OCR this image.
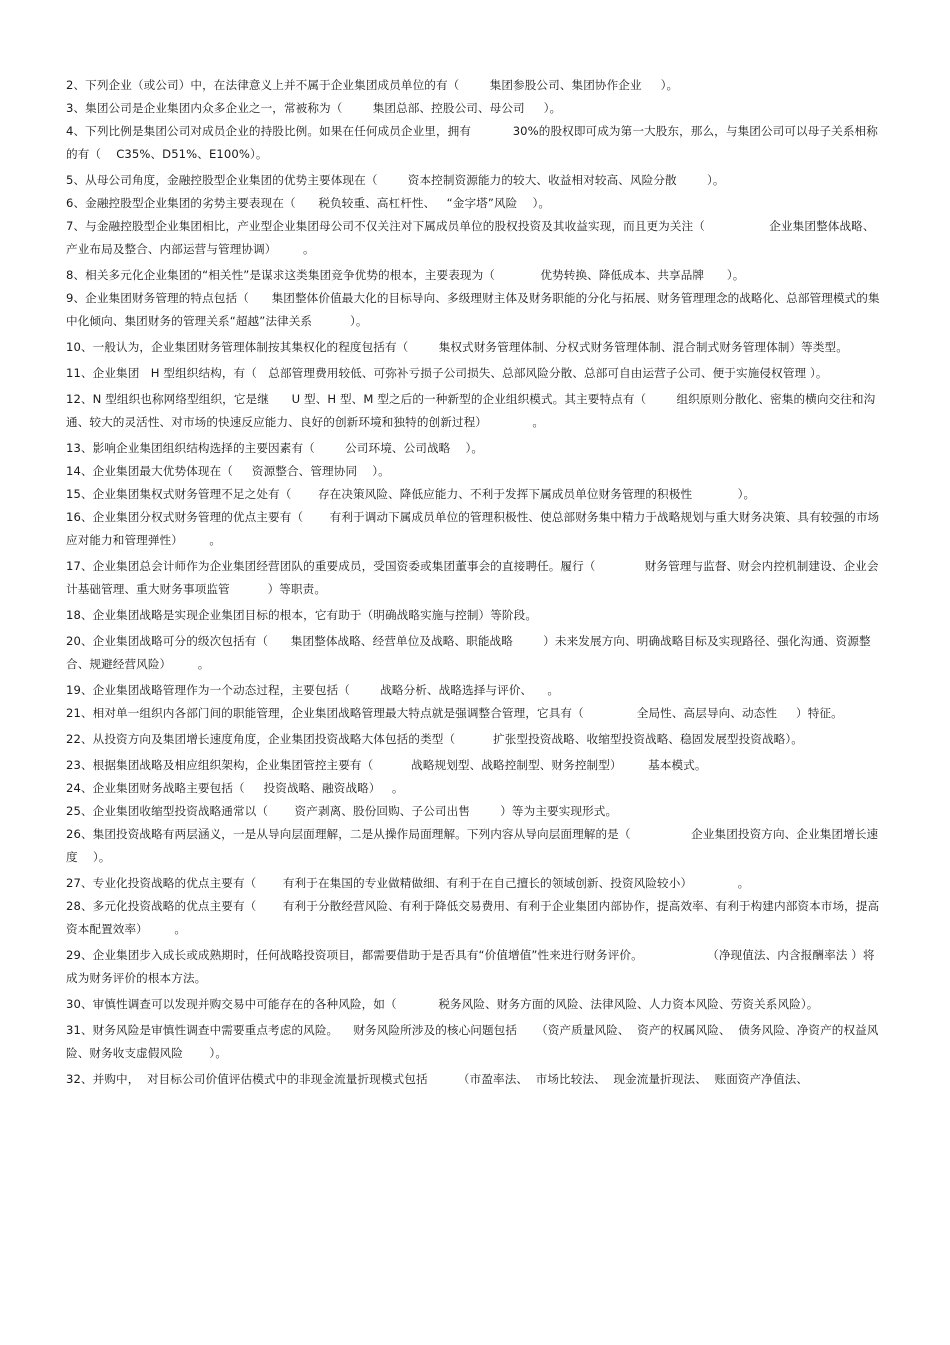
2、下列企业（或公司）中，在法律意义上并不属于企业集团成员单位的有（        集团参股公司、集团协作企业     ）。

3、集团公司是企业集团内众多企业之一，常被称为（        集团总部、控股公司、母公司     ）。

4、下列比例是集团公司对成员企业的持股比例。如果在任何成员企业里，拥有           30%的股权即可成为第一大股东，那么，与集团公司可以母子关系相称的有（    C35%、D51%、E100%）。

5、从母公司角度，金融控股型企业集团的优势主要体现在（        资本控制资源能力的较大、收益相对较高、风险分散        ）。

6、金融控股型企业集团的劣势主要表现在（      税负较重、高杠杆性、   “金字塔”风险    ）。

7、与金融控股型企业集团相比，产业型企业集团母公司不仅关注对下属成员单位的股权投资及其收益实现，而且更为关注（                 企业集团整体战略、产业布局及整合、内部运营与管理协调）       。

8、相关多元化企业集团的“相关性”是谋求这类集团竞争优势的根本，主要表现为（            优势转换、降低成本、共享品牌      ）。

9、企业集团财务管理的特点包括（      集团整体价值最大化的目标导向、多级理财主体及财务职能的分化与拓展、财务管理理念的战略化、总部管理模式的集中化倾向、集团财务的管理关系“超越”法律关系          ）。

10、一般认为，企业集团财务管理体制按其集权化的程度包括有（        集权式财务管理体制、分权式财务管理体制、混合制式财务管理体制）等类型。

11、企业集团   H 型组织结构，有（   总部管理费用较低、可弥补亏损子公司损失、总部风险分散、总部可自由运营子公司、便于实施侵权管理 ）。

12、N 型组织也称网络型组织，它是继      U 型、H 型、M 型之后的一种新型的企业组织模式。其主要特点有（        组织原则分散化、密集的横向交往和沟通、较大的灵活性、对市场的快速反应能力、良好的创新环境和独特的创新过程）            。

13、影响企业集团组织结构选择的主要因素有（        公司环境、公司战略    ）。

14、企业集团最大优势体现在（     资源整合、管理协同    ）。

15、企业集团集权式财务管理不足之处有（       存在决策风险、降低应能力、不利于发挥下属成员单位财务管理的积极性            ）。

16、企业集团分权式财务管理的优点主要有（       有利于调动下属成员单位的管理积极性、使总部财务集中精力于战略规划与重大财务决策、具有较强的市场应对能力和管理弹性）       。

17、企业集团总会计师作为企业集团经营团队的重要成员，受国资委或集团董事会的直接聘任。履行（             财务管理与监督、财会内控机制建设、企业会计基础管理、重大财务事项监管          ）等职责。

18、企业集团战略是实现企业集团目标的根本，它有助于（明确战略实施与控制）等阶段。

20、企业集团战略可分的级次包括有（      集团整体战略、经营单位及战略、职能战略        ）未来发展方向、明确战略目标及实现路径、强化沟通、资源整合、规避经营风险）       。

19、企业集团战略管理作为一个动态过程，主要包括（        战略分析、战略选择与评价、    。

21、相对单一组织内各部门间的职能管理，企业集团战略管理最大特点就是强调整合管理，它具有（              全局性、高层导向、动态性     ）特征。

22、从投资方向及集团增长速度角度，企业集团投资战略大体包括的类型（          扩张型投资战略、收缩型投资战略、稳固发展型投资战略）。

23、根据集团战略及相应组织架构，企业集团管控主要有（          战略规划型、战略控制型、财务控制型）       基本模式。

24、企业集团财务战略主要包括（     投资战略、融资战略）   。

25、企业集团收缩型投资战略通常以（       资产剥离、股份回购、子公司出售        ）等为主要实现形式。

26、集团投资战略有两层涵义，一是从导向层面理解，二是从操作局面理解。下列内容从导向层面理解的是（                企业集团投资方向、企业集团增长速度    ）。

27、专业化投资战略的优点主要有（       有利于在集国的专业做精做细、有利于在自己擅长的领域创新、投资风险较小）            。

28、多元化投资战略的优点主要有（       有利于分散经营风险、有利于降低交易费用、有利于企业集团内部协作，提高效率、有利于构建内部资本市场，提高资本配置效率）       。

29、企业集团步入成长或成熟期时，任何战略投资项目，都需要借助于是否具有“价值增值”性来进行财务评价。                 （净现值法、内含报酬率法 ）将成为财务评价的根本方法。

30、审慎性调查可以发现并购交易中可能存在的各种风险，如（           税务风险、财务方面的风险、法律风险、人力资本风险、劳资关系风险）。

31、财务风险是审慎性调查中需要重点考虑的风险。    财务风险所涉及的核心问题包括     （资产质量风险、  资产的权属风险、  债务风险、净资产的权益风险、财务收支虚假风险       ）。

32、并购中，  对目标公司价值评估模式中的非现金流量折现模式包括        （市盈率法、  市场比较法、  现金流量折现法、  账面资产净值法、
